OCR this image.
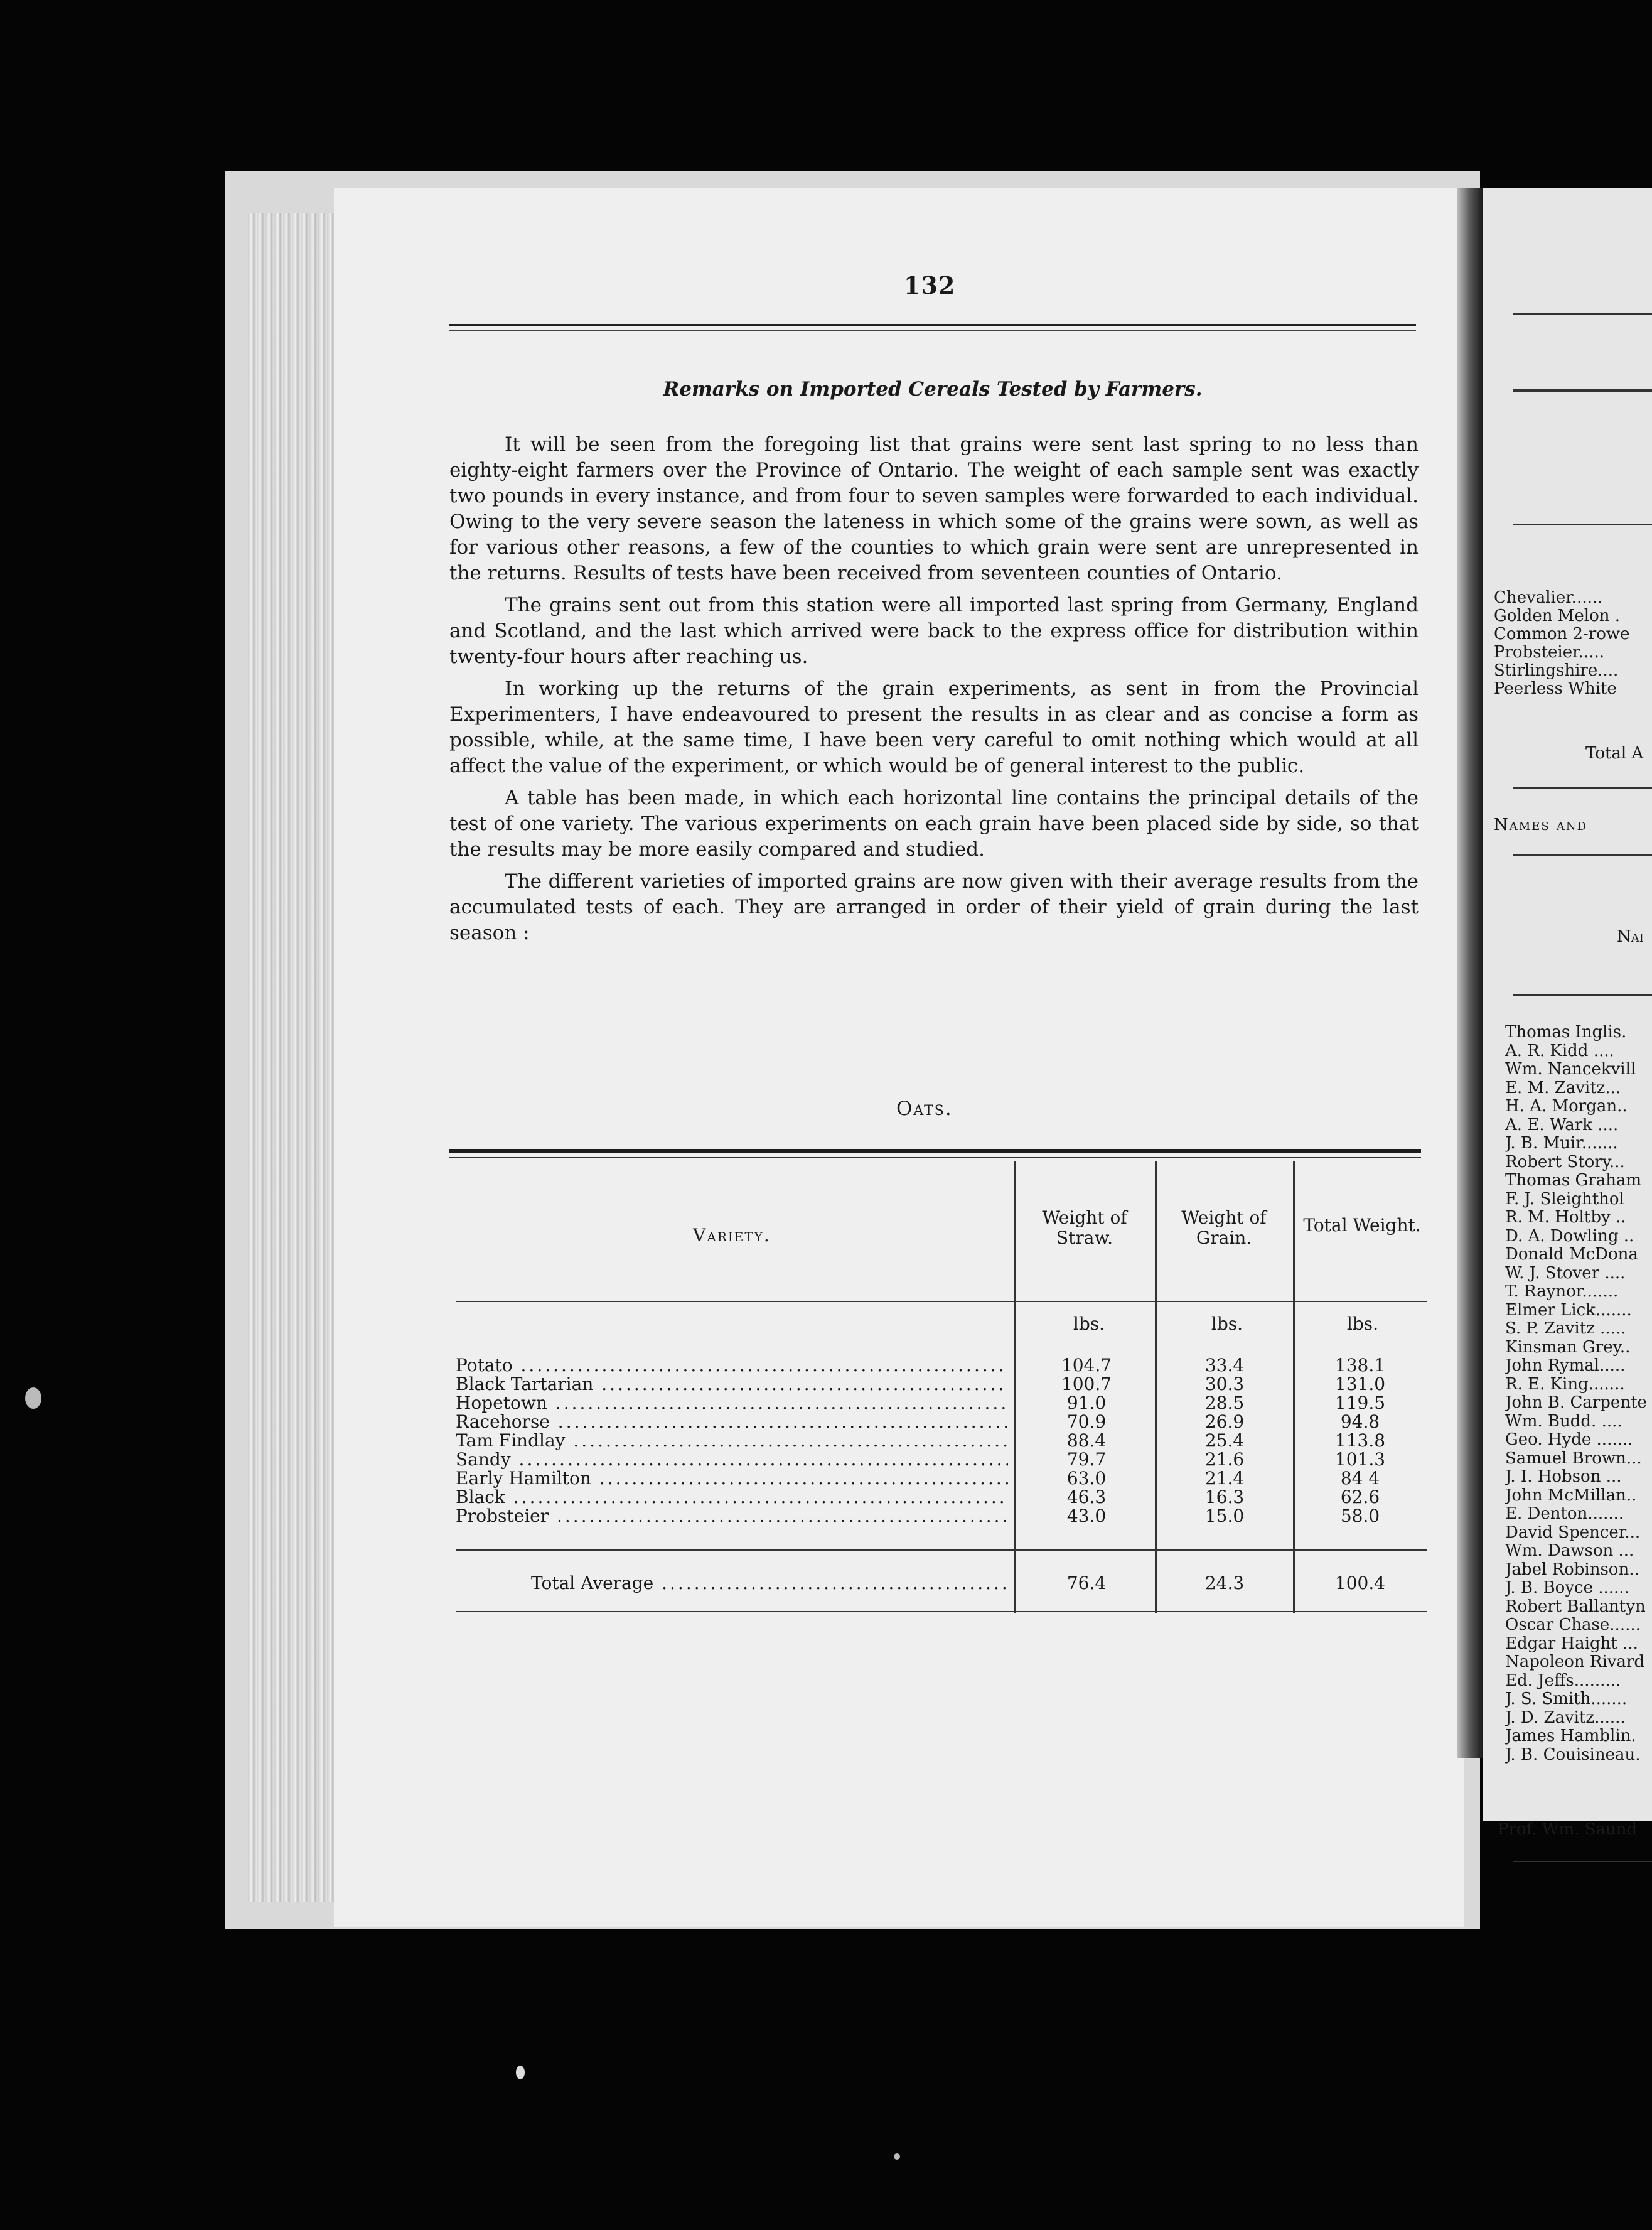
132
Remarks on Imported Cereals Tested by Farmers.

It will be seen from the foregoing list that grains were sent last spring to no less than eighty-eight farmers over the Province of Ontario. The weight of each sample sent was exactly two pounds in every instance, and from four to seven samples were forwarded to each individual. Owing to the very severe season the lateness in which some of the grains were sown, as well as for various other reasons, a few of the counties to which grain were sent are unrepresented in the returns. Results of tests have been received from seventeen counties of Ontario.

The grains sent out from this station were all imported last spring from Germany, England and Scotland, and the last which arrived were back to the express office for distribution within twenty-four hours after reaching us.

In working up the returns of the grain experiments, as sent in from the Provincial Experimenters, I have endeavoured to present the results in as clear and as concise a form as possible, while, at the same time, I have been very careful to omit nothing which would at all affect the value of the experiment, or which would be of general interest to the public.

A table has been made, in which each horizontal line contains the principal details of the test of one variety. The various experiments on each grain have been placed side by side, so that the results may be more easily compared and studied.

The different varieties of imported grains are now given with their average results from the accumulated tests of each. They are arranged in order of their yield of grain during the last season :

Oats.
Variety.
Weight of Straw.
Weight of Grain.
Total Weight.
lbs.	lbs.	lbs.
Potato .....	104.7	33.4	138.1
Black Tartarian .....	100.7	30.3	131.0
Hopetown .....	91.0	28.5	119.5
Racehorse .....	70.9	26.9	94.8
Tam Findlay .....	88.4	25.4	113.8
Sandy .....	79.7	21.6	101.3
Early Hamilton .....	63.0	21.4	84 4
Black .....	46.3	16.3	62.6
Probsteier .....	43.0	15.0	58.0
Total Average .....	76.4	24.3	100.4
Chevalier......
Golden Melon .
Common 2-rowe
Probsteier.....
Stirlingshire....
Peerless White
Total A
Names and
Nai
Thomas Inglis.
A. R. Kidd ....
Wm. Nancekvill
E. M. Zavitz...
H. A. Morgan..
A. E. Wark ....
J. B. Muir.......
Robert Story...
Thomas Graham
F. J. Sleighthol
R. M. Holtby ..
D. A. Dowling ..
Donald McDona
W. J. Stover ....
T. Raynor.......
Elmer Lick.......
S. P. Zavitz .....
Kinsman Grey..
John Rymal.....
R. E. King.......
John B. Carpente
Wm. Budd. ....
Geo. Hyde .......
Samuel Brown...
J. I. Hobson ...
John McMillan..
E. Denton.......
David Spencer...
Wm. Dawson ...
Jabel Robinson..
J. B. Boyce ......
Robert Ballantyn
Oscar Chase......
Edgar Haight ...
Napoleon Rivard
Ed. Jeffs.........
J. S. Smith.......
J. D. Zavitz......
James Hamblin.
J. B. Couisineau.
Prof. Wm. Saund
